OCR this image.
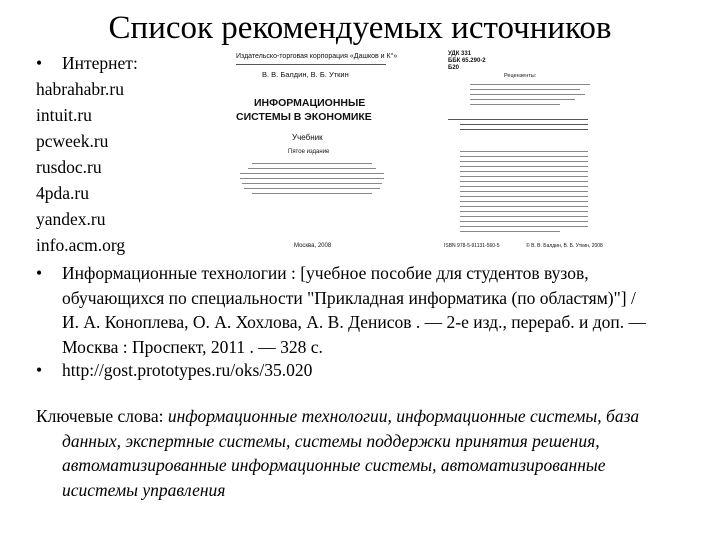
Список рекомендуемых источников
• Интернет:
habrahabr.ru
intuit.ru
pcweek.ru
rusdoc.ru
4pda.ru
yandex.ru
info.acm.org
•	Информационные технологии : [учебное пособие для студентов вузов,
обучающихся по специальности "Прикладная информатика (по областям)"] /
И. А. Коноплева, О. А. Хохлова, А. В. Денисов . — 2-е изд., перераб. и доп. —
Москва : Проспект, 2011 . — 328 с.
• http://gost.prototypes.ru/oks/35.020
Ключевые слова: информационные технологии, информационные системы, база
данных, экспертные системы, системы поддержки принятия решения,
автоматизированные информационные системы, автоматизированные
исистемы управления
Издательско-торговая корпорация «Дашков и К°»
В. В. Балдин, В. Б. Уткин
ИНФОРМАЦИОННЫЕ
СИСТЕМЫ В ЭКОНОМИКЕ
Учебник
Пятое издание
Москва, 2008
УДК 331
ББК 65.290-2
Б20
Рецензенты:
ISBN 978-5-91131-560-5	© В. В. Балдин, В. Б. Уткин, 2008
